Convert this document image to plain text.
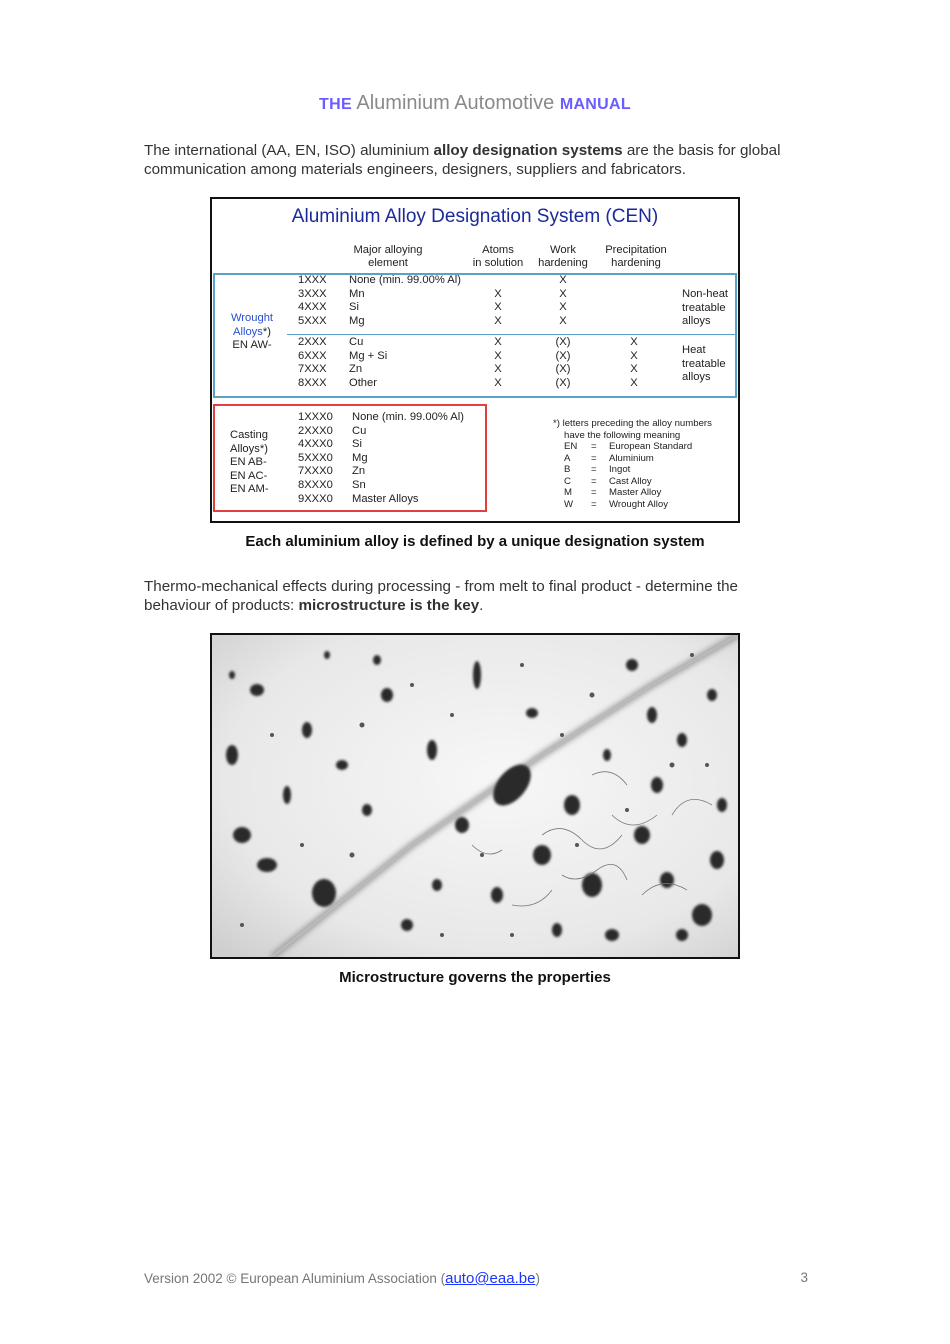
THE Aluminium Automotive MANUAL
The international (AA, EN, ISO) aluminium alloy designation systems are the basis for global communication among materials engineers, designers, suppliers and fabricators.
Aluminium Alloy Designation System (CEN)
Major alloying
element
Atoms
in solution
Work
hardening
Precipitation
hardening
Wrought
Alloys*)
EN AW-
1XXX
3XXX
4XXX
5XXX
None (min. 99.00% Al)
Mn
Si
Mg
X
X
X
X
X
X
X
Non-heat
treatable
alloys
2XXX
6XXX
7XXX
8XXX
Cu
Mg + Si
Zn
Other
X
X
X
X
(X)
(X)
(X)
(X)
X
X
X
X
Heat
treatable
alloys
Casting
Alloys*)
EN AB-
EN AC-
EN AM-
1XXX0
2XXX0
4XXX0
5XXX0
7XXX0
8XXX0
9XXX0
None (min. 99.00% Al)
Cu
Si
Mg
Zn
Sn
Master Alloys
*) letters preceding the alloy numbers
have the following meaning
EN
A
B
C
M
W
=
=
=
=
=
=
European Standard
Aluminium
Ingot
Cast Alloy
Master Alloy
Wrought Alloy
Each aluminium alloy is defined by a unique designation system
Thermo-mechanical effects during processing - from melt to final product - determine the behaviour of products: microstructure is the key.
Microstructure governs the properties
Version 2002 © European Aluminium Association (auto@eaa.be)	3
